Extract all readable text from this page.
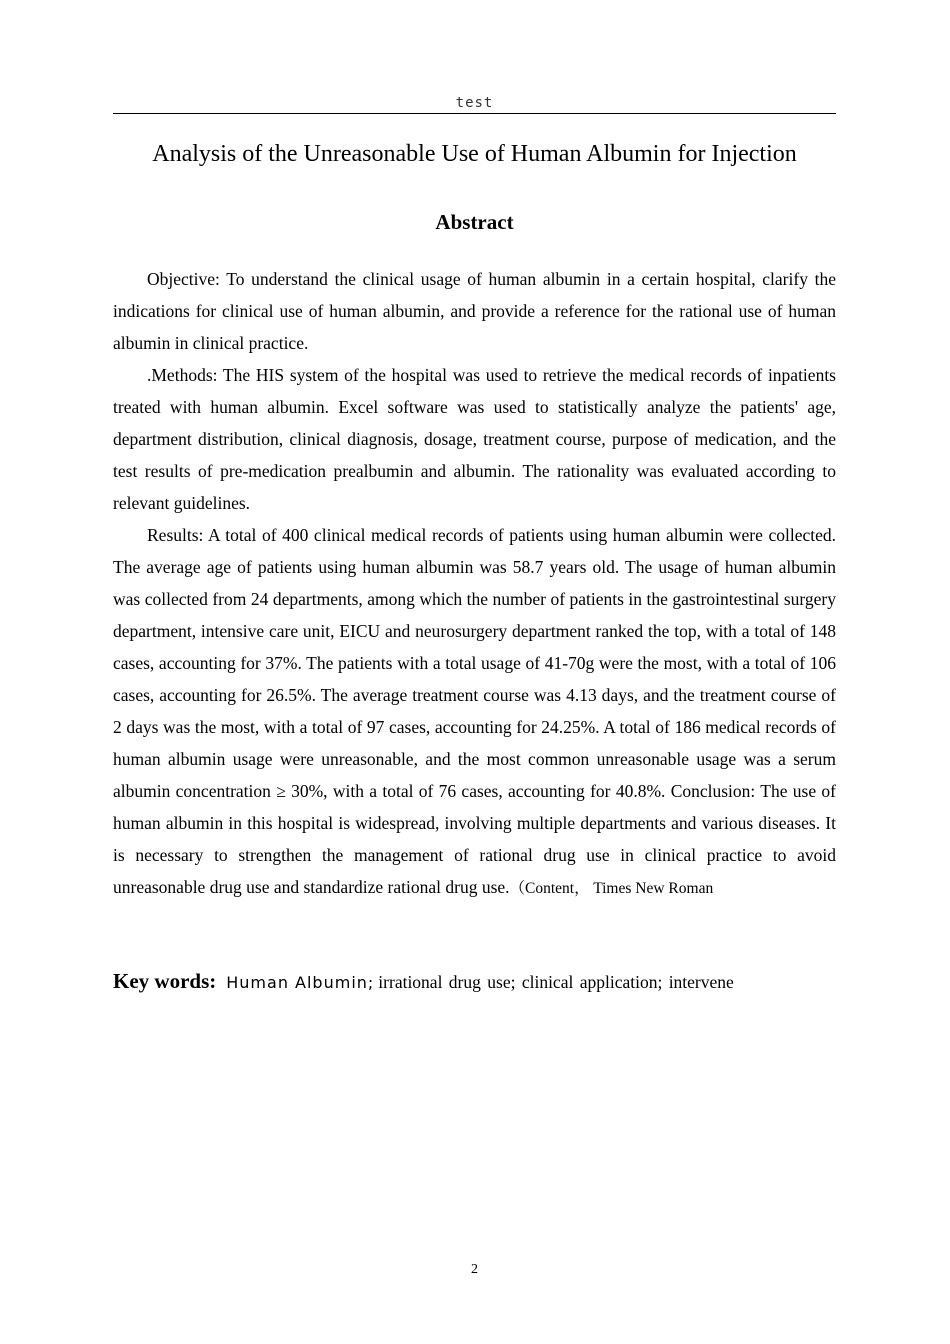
test
Analysis of the Unreasonable Use of Human Albumin for Injection
Abstract

Objective: To understand the clinical usage of human albumin in a certain hospital, clarify the indications for clinical use of human albumin, and provide a reference for the rational use of human albumin in clinical practice.

.Methods: The HIS system of the hospital was used to retrieve the medical records of inpatients treated with human albumin. Excel software was used to statistically analyze the patients' age, department distribution, clinical diagnosis, dosage, treatment course, purpose of medication, and the test results of pre-medication prealbumin and albumin. The rationality was evaluated according to relevant guidelines.

Results: A total of 400 clinical medical records of patients using human albumin were collected. The average age of patients using human albumin was 58.7 years old. The usage of human albumin was collected from 24 departments, among which the number of patients in the gastrointestinal surgery department, intensive care unit, EICU and neurosurgery department ranked the top, with a total of 148 cases, accounting for 37%. The patients with a total usage of 41-70g were the most, with a total of 106 cases, accounting for 26.5%. The average treatment course was 4.13 days, and the treatment course of 2 days was the most, with a total of 97 cases, accounting for 24.25%. A total of 186 medical records of human albumin usage were unreasonable, and the most common unreasonable usage was a serum albumin concentration ≥ 30%, with a total of 76 cases, accounting for 40.8%. Conclusion: The use of human albumin in this hospital is widespread, involving multiple departments and various diseases. It is necessary to strengthen the management of rational drug use in clinical practice to avoid unreasonable drug use and standardize rational drug use.（Content， Times New Roman

Key words: Human Albumin; irrational drug use; clinical application; intervene
2
